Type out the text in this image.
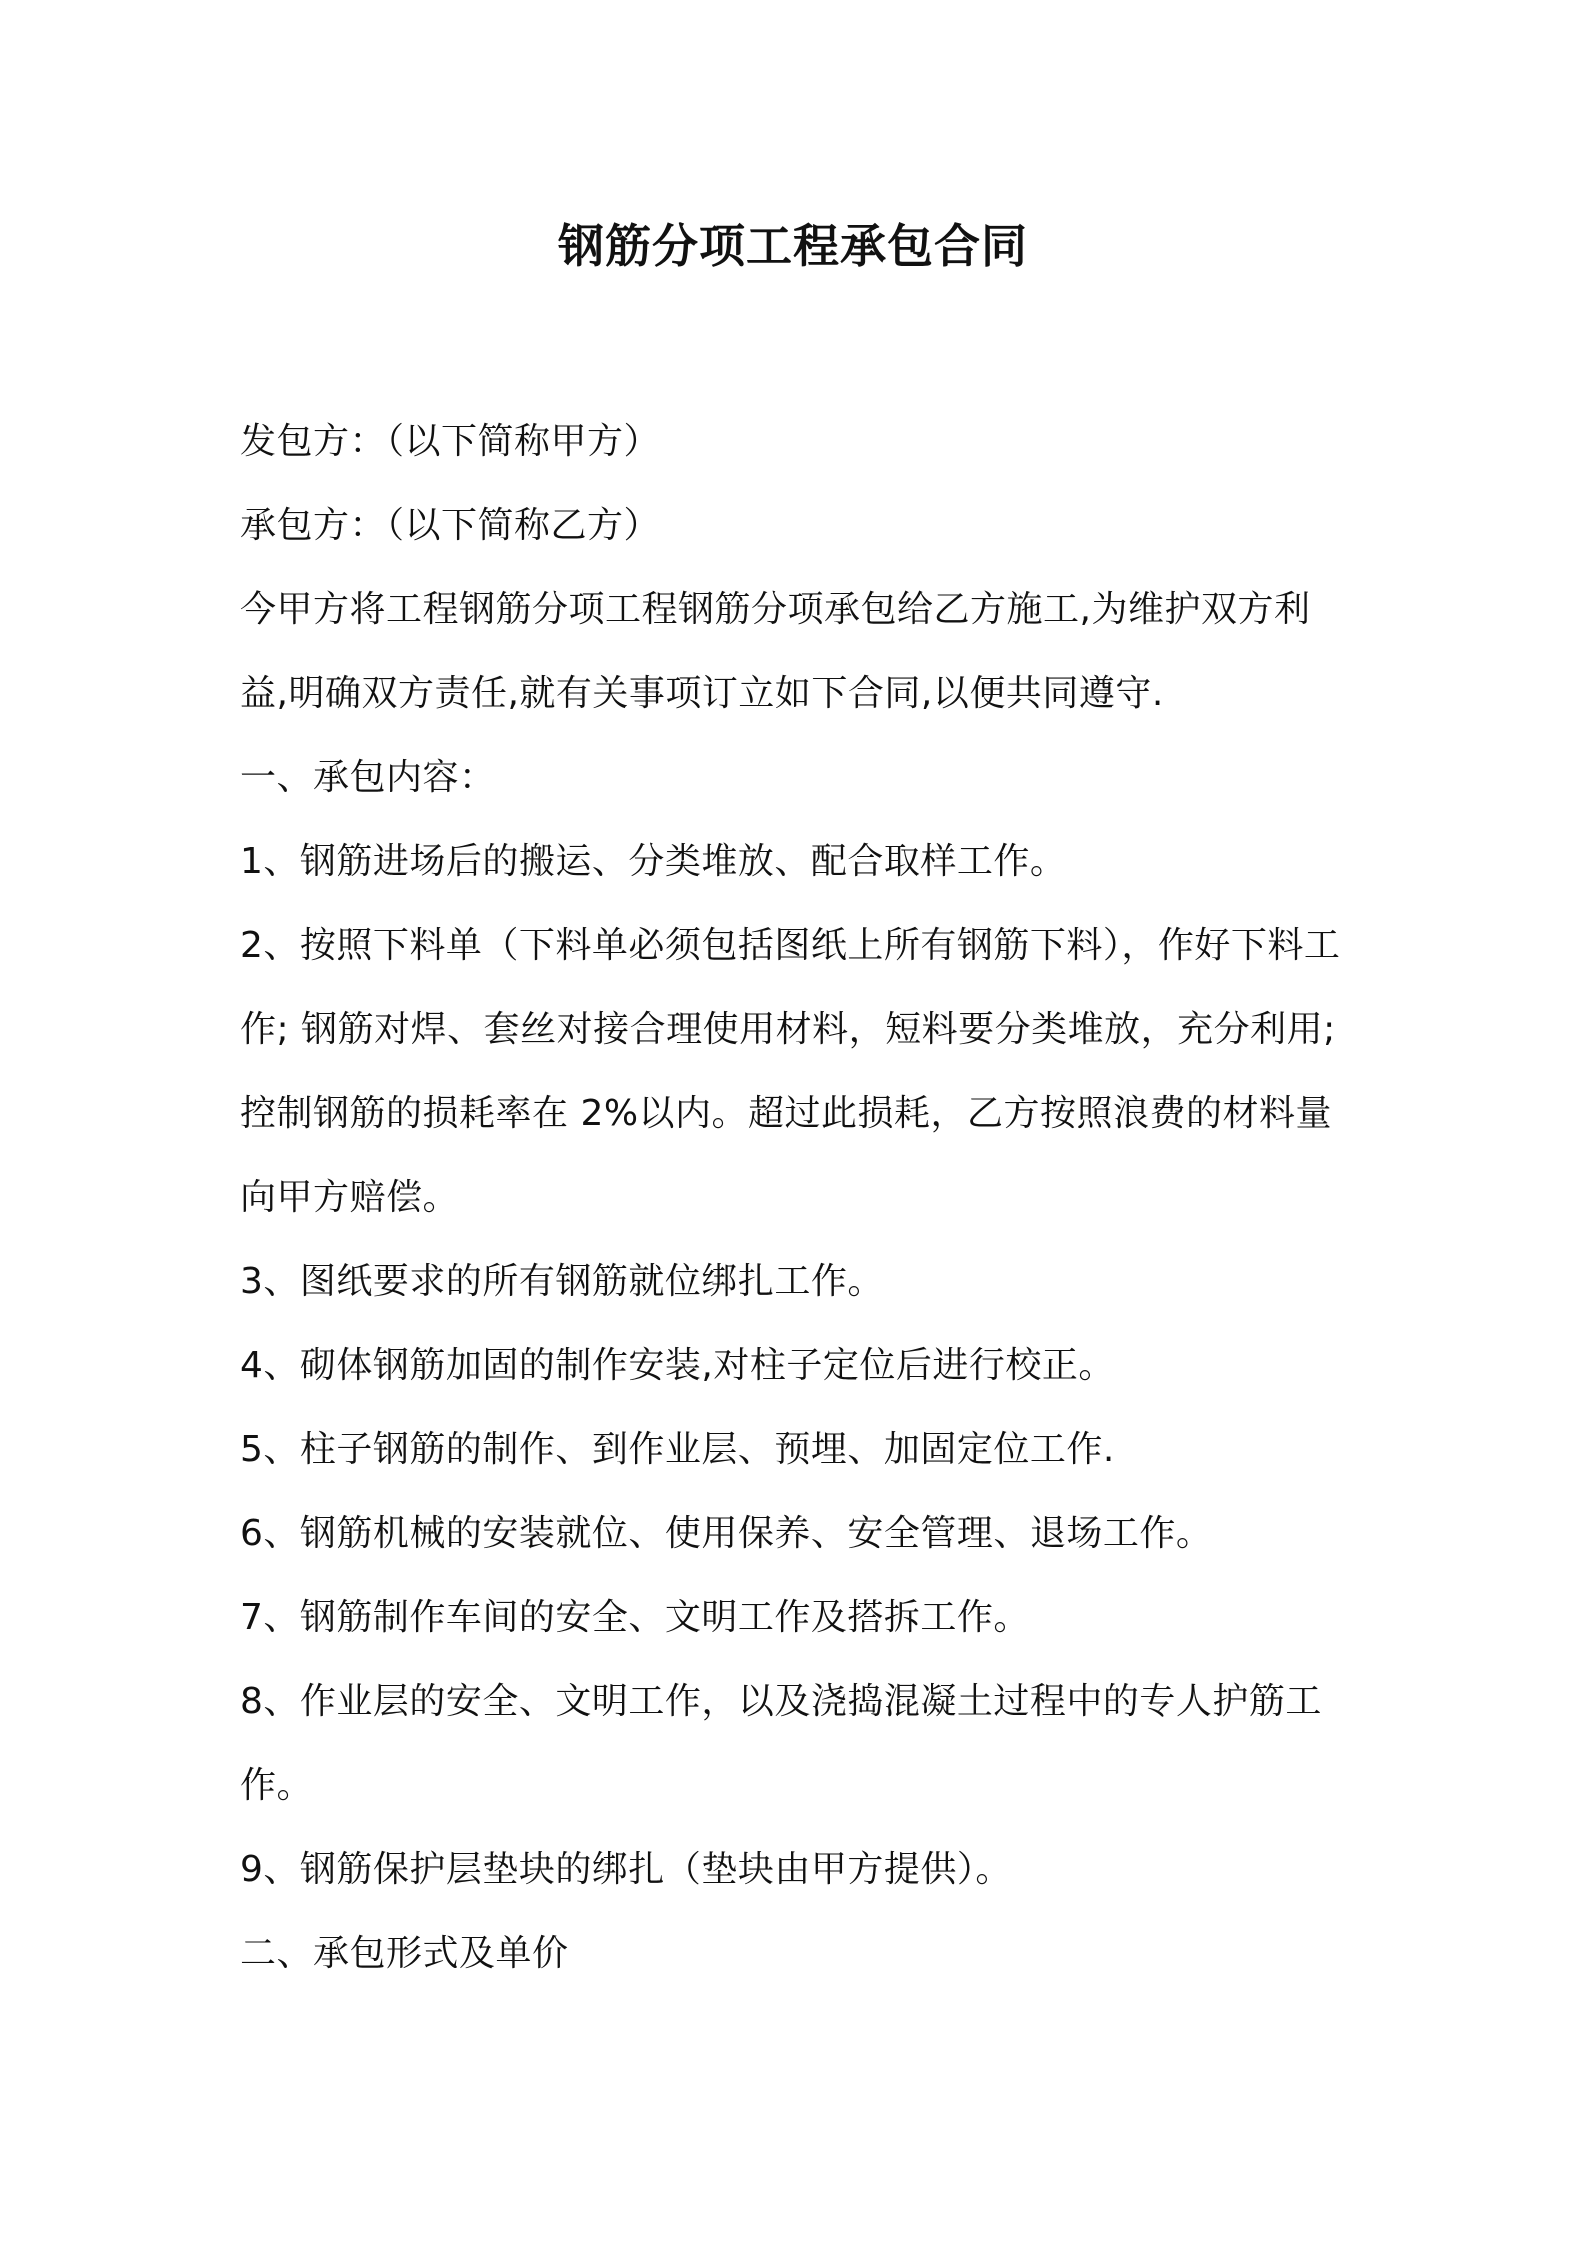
钢筋分项工程承包合同
发包方：（以下简称甲方）
承包方：（以下简称乙方）
今甲方将工程钢筋分项工程钢筋分项承包给乙方施工,为维护双方利
益,明确双方责任,就有关事项订立如下合同,以便共同遵守.
一、承包内容：
1、钢筋进场后的搬运、分类堆放、配合取样工作。
2、按照下料单（下料单必须包括图纸上所有钢筋下料），作好下料工
作; 钢筋对焊、套丝对接合理使用材料，短料要分类堆放，充分利用;
控制钢筋的损耗率在 2%以内。超过此损耗，乙方按照浪费的材料量
向甲方赔偿。
3、图纸要求的所有钢筋就位绑扎工作。
4、砌体钢筋加固的制作安装,对柱子定位后进行校正。
5、柱子钢筋的制作、到作业层、预埋、加固定位工作.
6、钢筋机械的安装就位、使用保养、安全管理、退场工作。
7、钢筋制作车间的安全、文明工作及搭拆工作。
8、作业层的安全、文明工作，以及浇捣混凝土过程中的专人护筋工
作。
9、钢筋保护层垫块的绑扎（垫块由甲方提供）。
二、承包形式及单价
